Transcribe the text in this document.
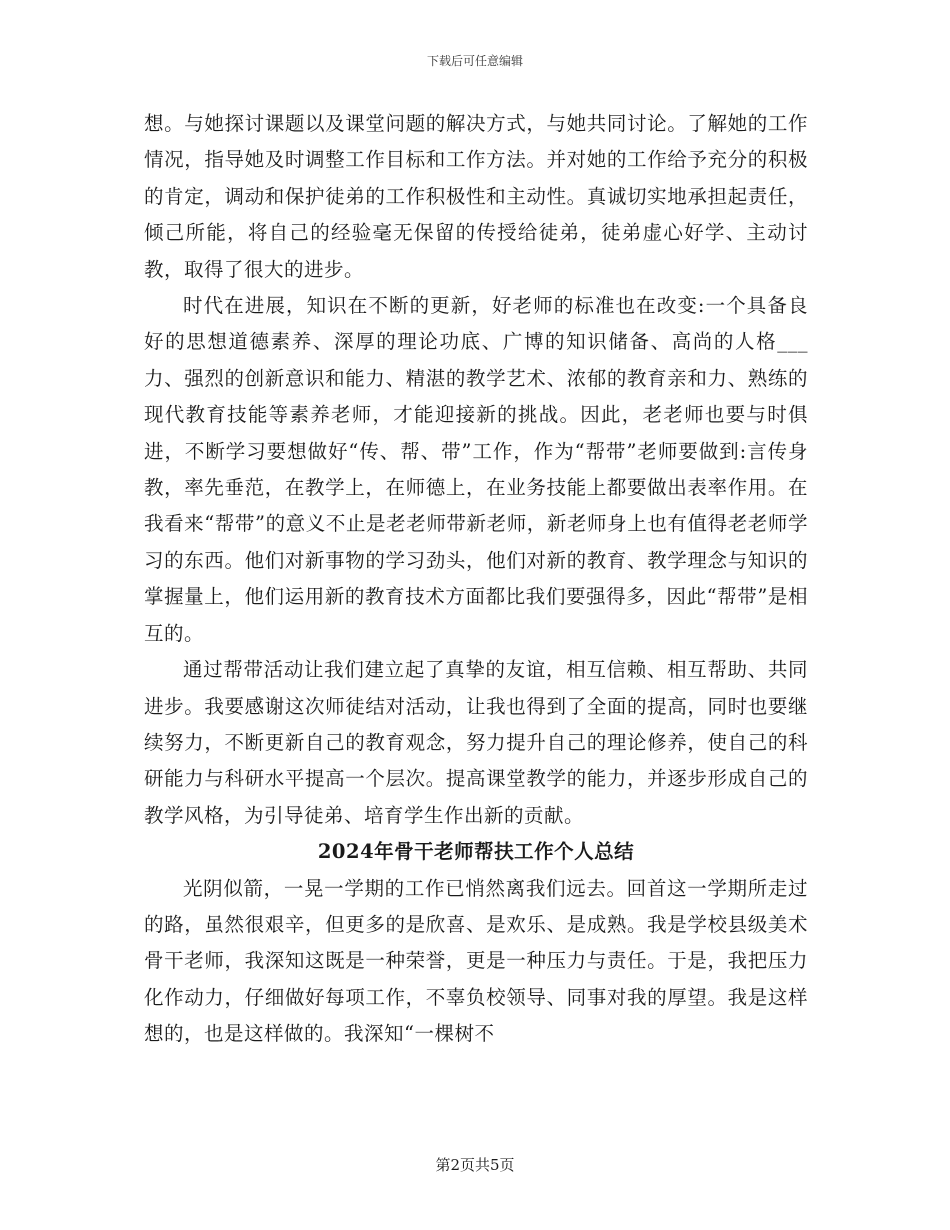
下载后可任意编辑

想。与她探讨课题以及课堂问题的解决方式，与她共同讨论。了解她的工作情况，指导她及时调整工作目标和工作方法。并对她的工作给予充分的积极的肯定，调动和保护徒弟的工作积极性和主动性。真诚切实地承担起责任，倾己所能，将自己的经验毫无保留的传授给徒弟，徒弟虚心好学、主动讨教，取得了很大的进步。

时代在进展，知识在不断的更新，好老师的标准也在改变:一个具备良好的思想道德素养、深厚的理论功底、广博的知识储备、高尚的人格___力、强烈的创新意识和能力、精湛的教学艺术、浓郁的教育亲和力、熟练的现代教育技能等素养老师，才能迎接新的挑战。因此，老老师也要与时俱进，不断学习要想做好“传、帮、带”工作，作为“帮带”老师要做到:言传身教，率先垂范，在教学上，在师德上，在业务技能上都要做出表率作用。在我看来“帮带”的意义不止是老老师带新老师，新老师身上也有值得老老师学习的东西。他们对新事物的学习劲头，他们对新的教育、教学理念与知识的掌握量上，他们运用新的教育技术方面都比我们要强得多，因此“帮带”是相互的。

通过帮带活动让我们建立起了真挚的友谊，相互信赖、相互帮助、共同进步。我要感谢这次师徒结对活动，让我也得到了全面的提高，同时也要继续努力，不断更新自己的教育观念，努力提升自己的理论修养，使自己的科研能力与科研水平提高一个层次。提高课堂教学的能力，并逐步形成自己的教学风格，为引导徒弟、培育学生作出新的贡献。

2024年骨干老师帮扶工作个人总结

光阴似箭，一晃一学期的工作已悄然离我们远去。回首这一学期所走过的路，虽然很艰辛，但更多的是欣喜、是欢乐、是成熟。我是学校县级美术骨干老师，我深知这既是一种荣誉，更是一种压力与责任。于是，我把压力化作动力，仔细做好每项工作，不辜负校领导、同事对我的厚望。我是这样想的，也是这样做的。我深知“一棵树不

第2页共5页
